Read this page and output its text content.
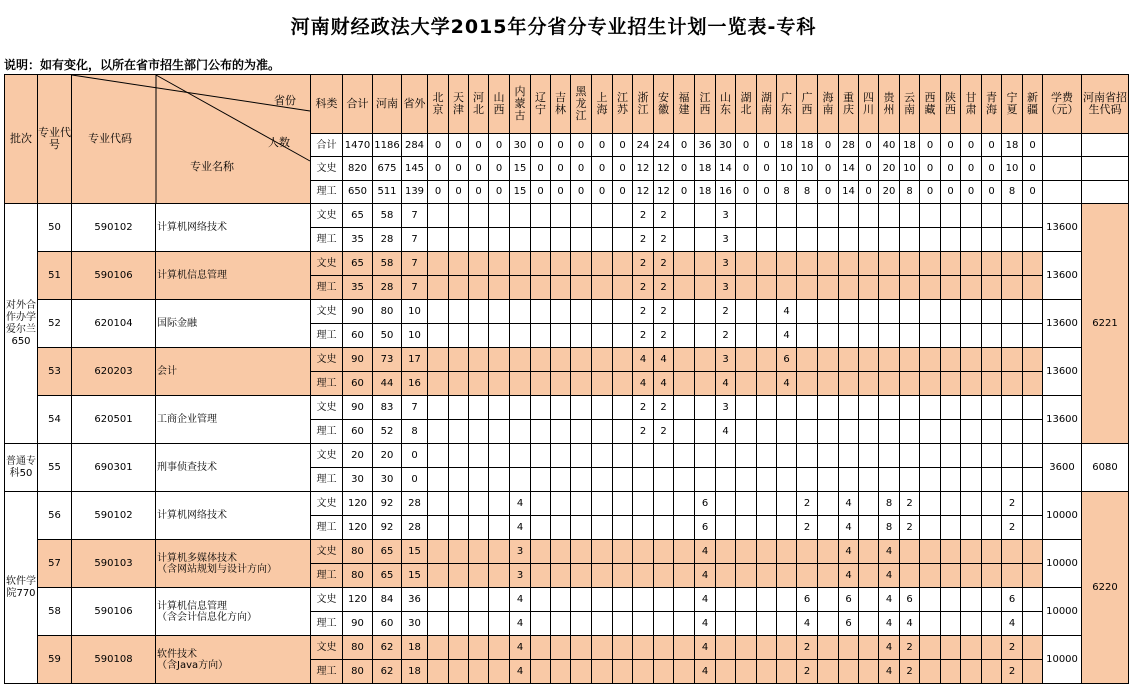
河南财经政法大学2015年分省分专业招生计划一览表-专科
说明：如有变化，以所在省市招生部门公布的为准。
批次	专业代号	专业代码
省份
人数
专业名称		科类	合计	河南	省外	北京	天津	河北	山西	内蒙古	辽宁	吉林	黑龙江	上海	江苏	浙江	安徽	福建	江西	山东	湖北	湖南	广东	广西	海南	重庆	四川	贵州	云南	西藏	陕西	甘肃	青海	宁夏	新疆	学费（元）	河南省招生代码
				合计	1470	1186	284	0	0	0	0	30	0	0	0	0	0	24	24	0	36	30	0	0	18	18	0	28	0	40	18	0	0	0	0	18	0		
				文史	820	675	145	0	0	0	0	15	0	0	0	0	0	12	12	0	18	14	0	0	10	10	0	14	0	20	10	0	0	0	0	10	0		
				理工	650	511	139	0	0	0	0	15	0	0	0	0	0	12	12	0	18	16	0	0	8	8	0	14	0	20	8	0	0	0	0	8	0		
对外合作办学爱尔兰650	50	590102	计算机网络技术	文史	65	58	7											2	2			3																13600	6221
				理工	35	28	7											2	2			3																	
	51	590106	计算机信息管理	文史	65	58	7											2	2			3																13600	
				理工	35	28	7											2	2			3																	
	52	620104	国际金融	文史	90	80	10											2	2			2			4													13600	
				理工	60	50	10											2	2			2			4														
	53	620203	会计	文史	90	73	17											4	4			3			6													13600	
				理工	60	44	16											4	4			4			4														
	54	620501	工商企业管理	文史	90	83	7											2	2			3																13600	
				理工	60	52	8											2	2			4																	
普通专科50	55	690301	刑事侦查技术	文史	20	20	0																															3600	6080
				理工	30	30	0																																
软件学院770	56	590102	计算机网络技术	文史	120	92	28					4									6					2		4		8	2					2		10000	6220
				理工	120	92	28					4									6					2		4		8	2					2			
	57	590103	计算机多媒体技术
（含网站规划与设计方向）	文史	80	65	15					3									4							4		4								10000	
				理工	80	65	15					3									4							4		4									
	58	590106	计算机信息管理
（含会计信息化方向）	文史	120	84	36					4									4					6		6		4	6					6		10000	
				理工	90	60	30					4									4					4		6		4	4					4			
	59	590108	软件技术
（含Java方向）	文史	80	62	18					4									4					2				4	2					2		10000	
				理工	80	62	18					4									4					2				4	2					2			
